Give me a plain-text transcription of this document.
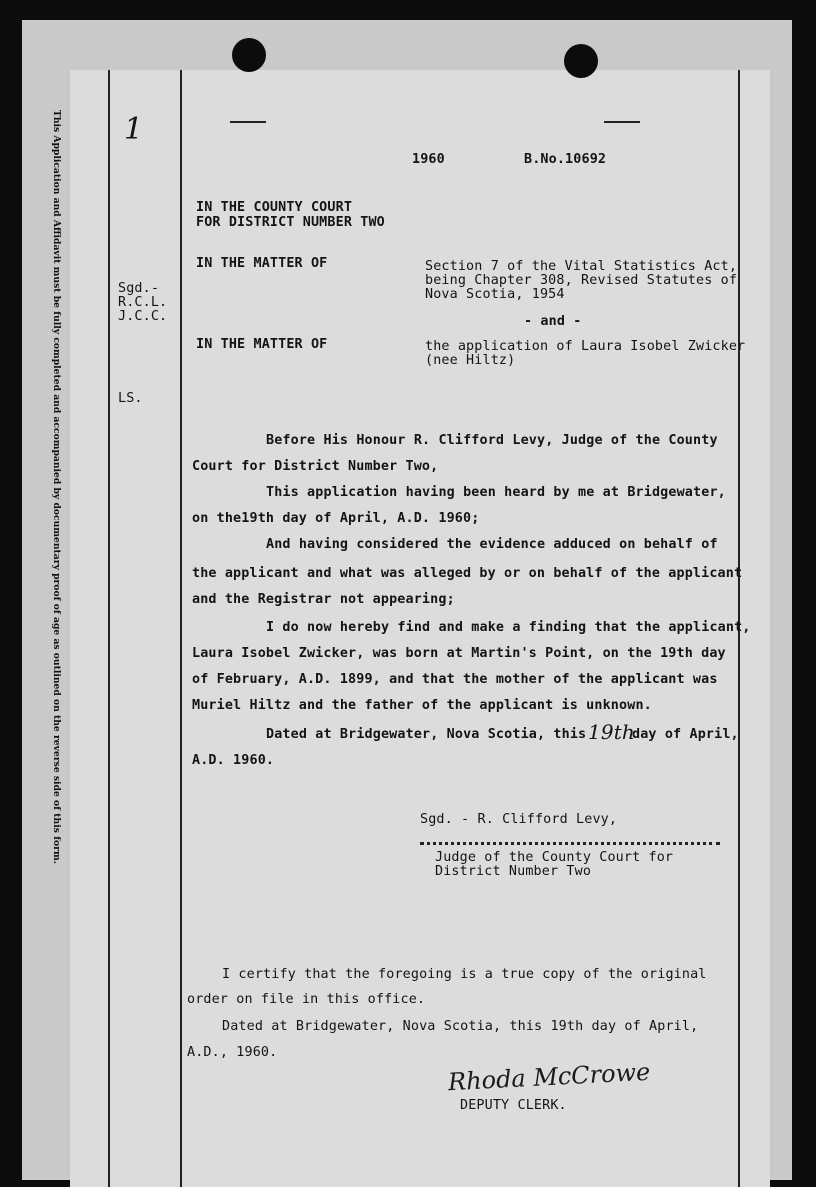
This Application and Affidavit must be fully completed and accompanied by documentary proof of age as outlined on the reverse side of this form. 1
1960	B.No.10692
IN THE COUNTY COURT
FOR DISTRICT NUMBER TWO
IN THE MATTER OF	Section 7 of the Vital Statistics Act,
being Chapter 308, Revised Statutes of
Nova Scotia, 1954
Sgd.-
R.C.L.
J.C.C.	- and -
IN THE MATTER OF	the application of Laura Isobel Zwicker
(nee Hiltz)
LS.
Before His Honour R. Clifford Levy, Judge of the County
Court for District Number Two,
This application having been heard by me at Bridgewater,
on the19th day of April, A.D. 1960;
And having considered the evidence adduced on behalf of
the applicant and what was alleged by or on behalf of the applicant
and the Registrar not appearing;
I do now hereby find and make a finding that the applicant,
Laura Isobel Zwicker, was born at Martin's Point, on the 19th day
of February, A.D. 1899, and that the mother of the applicant was
Muriel Hiltz and the father of the applicant is unknown.
Dated at Bridgewater, Nova Scotia, this 19th
day of April,
A.D. 1960.
Sgd. - R. Clifford Levy,
Judge of the County Court for
District Number Two
I certify that the foregoing is a true copy of the original
order on file in this office.
Dated at Bridgewater, Nova Scotia, this 19th day of April,
A.D., 1960.
Rhoda McCrowe
DEPUTY CLERK.
